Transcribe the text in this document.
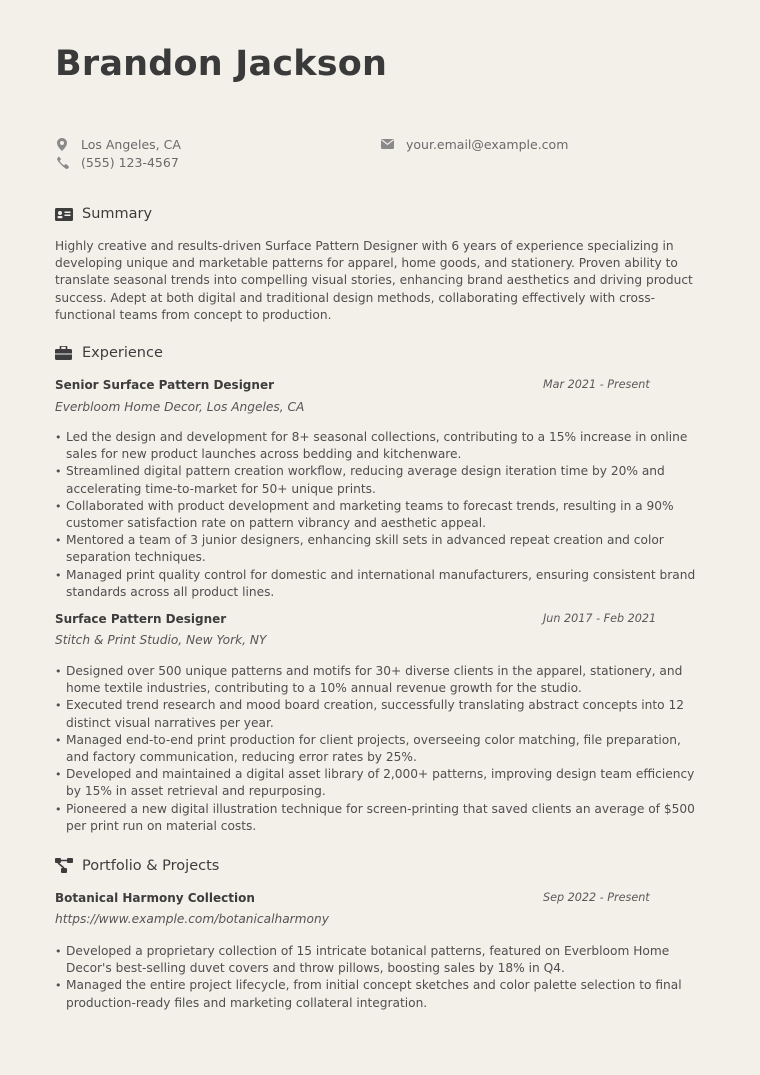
Brandon Jackson
Los Angeles, CA
(555) 123-4567
your.email@example.com
Summary

Highly creative and results-driven Surface Pattern Designer with 6 years of experience specializing in developing unique and marketable patterns for apparel, home goods, and stationery. Proven ability to translate seasonal trends into compelling visual stories, enhancing brand aesthetics and driving product success. Adept at both digital and traditional design methods, collaborating effectively with cross-functional teams from concept to production.

Experience
Senior Surface Pattern Designer	Mar 2021 - Present
Everbloom Home Decor, Los Angeles, CA
• Led the design and development for 8+ seasonal collections, contributing to a 15% increase in online sales for new product launches across bedding and kitchenware.
• Streamlined digital pattern creation workflow, reducing average design iteration time by 20% and accelerating time-to-market for 50+ unique prints.
• Collaborated with product development and marketing teams to forecast trends, resulting in a 90% customer satisfaction rate on pattern vibrancy and aesthetic appeal.
• Mentored a team of 3 junior designers, enhancing skill sets in advanced repeat creation and color separation techniques.
• Managed print quality control for domestic and international manufacturers, ensuring consistent brand standards across all product lines.
Surface Pattern Designer	Jun 2017 - Feb 2021
Stitch & Print Studio, New York, NY
• Designed over 500 unique patterns and motifs for 30+ diverse clients in the apparel, stationery, and home textile industries, contributing to a 10% annual revenue growth for the studio.
• Executed trend research and mood board creation, successfully translating abstract concepts into 12 distinct visual narratives per year.
• Managed end-to-end print production for client projects, overseeing color matching, file preparation, and factory communication, reducing error rates by 25%.
• Developed and maintained a digital asset library of 2,000+ patterns, improving design team efficiency by 15% in asset retrieval and repurposing.
• Pioneered a new digital illustration technique for screen-printing that saved clients an average of $500 per print run on material costs.
Portfolio & Projects
Botanical Harmony Collection	Sep 2022 - Present
https://www.example.com/botanicalharmony
• Developed a proprietary collection of 15 intricate botanical patterns, featured on Everbloom Home Decor's best-selling duvet covers and throw pillows, boosting sales by 18% in Q4.
• Managed the entire project lifecycle, from initial concept sketches and color palette selection to final production-ready files and marketing collateral integration.
